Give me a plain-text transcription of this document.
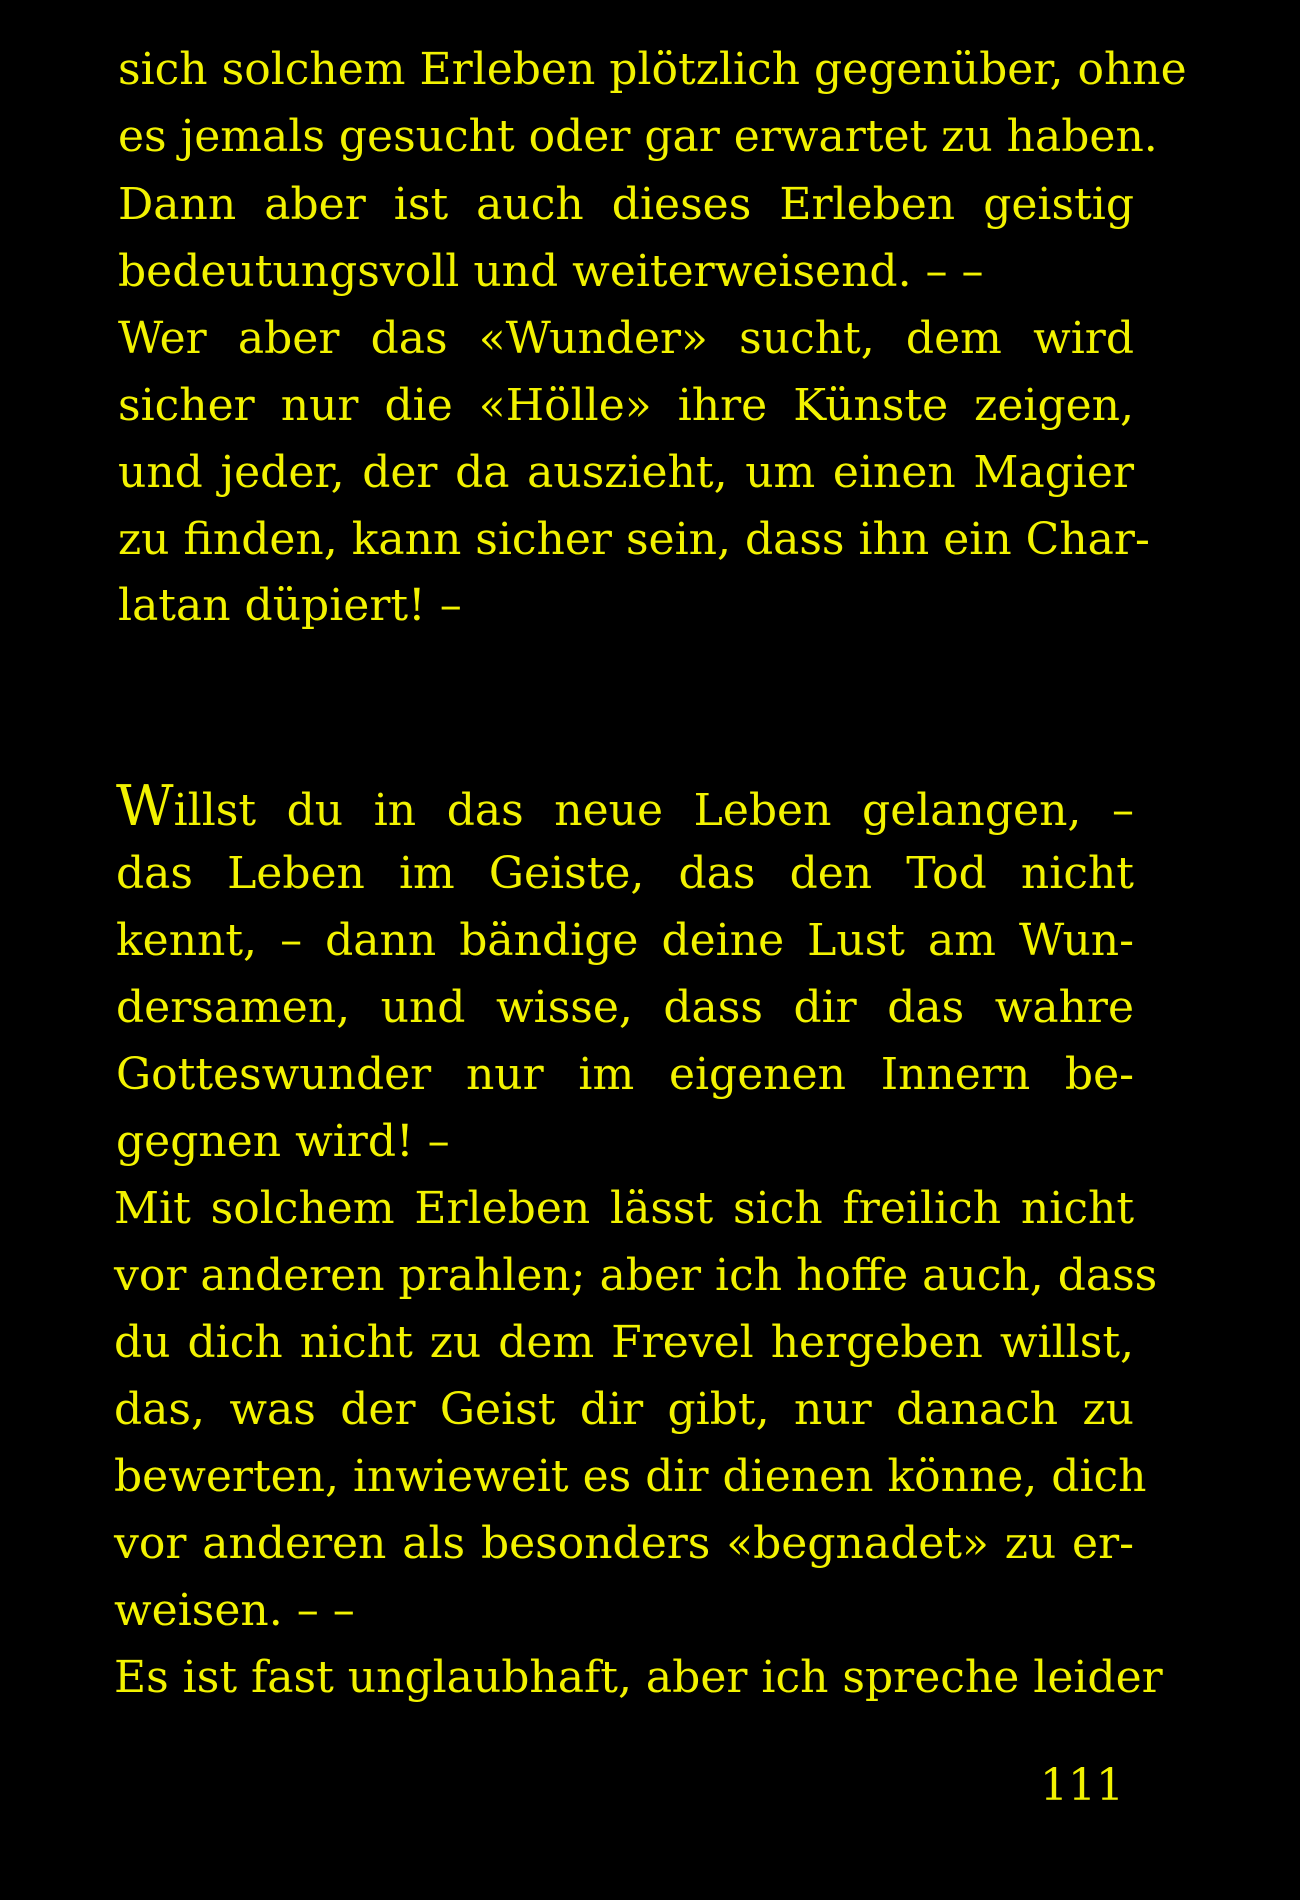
sich solchem Erleben plötzlich gegenüber, ohne
es jemals gesucht oder gar erwartet zu haben.
Dann aber ist auch dieses Erleben geistig
bedeutungsvoll und weiterweisend. – –
Wer aber das «Wunder» sucht, dem wird
sicher nur die «Hölle» ihre Künste zeigen,
und jeder, der da auszieht, um einen Magier
zu finden, kann sicher sein, dass ihn ein Char-
latan düpiert! –
W illst du in das neue Leben gelangen, –
das Leben im Geiste, das den Tod nicht
kennt, – dann bändige deine Lust am Wun-
dersamen, und wisse, dass dir das wahre
Gotteswunder nur im eigenen Innern be-
gegnen wird! –
Mit solchem Erleben lässt sich freilich nicht
vor anderen prahlen; aber ich hoffe auch, dass
du dich nicht zu dem Frevel hergeben willst,
das, was der Geist dir gibt, nur danach zu
bewerten, inwieweit es dir dienen könne, dich
vor anderen als besonders «begnadet» zu er-
weisen. – –
Es ist fast unglaubhaft, aber ich spreche leider
111
